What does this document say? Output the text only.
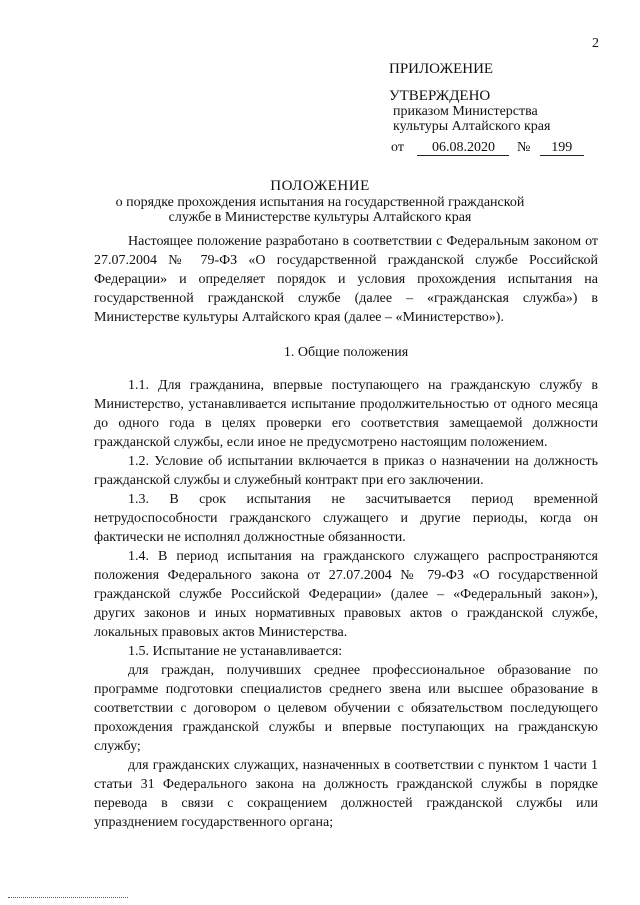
2
ПРИЛОЖЕНИЕ
УТВЕРЖДЕНО
приказом Министерства
культуры Алтайского края
от 06.08.2020 № 199
ПОЛОЖЕНИЕ
о порядке прохождения испытания на государственной гражданской службе в Министерстве культуры Алтайского края

Настоящее положение разработано в соответствии с Федеральным законом от 27.07.2004 № 79-ФЗ «О государственной гражданской службе Российской Федерации» и определяет порядок и условия прохождения испытания на государственной гражданской службе (далее – «гражданская служба») в Министерстве культуры Алтайского края (далее – «Министерство»).

1. Общие положения

1.1. Для гражданина, впервые поступающего на гражданскую службу в Министерство, устанавливается испытание продолжительностью от одного месяца до одного года в целях проверки его соответствия замещаемой должности гражданской службы, если иное не предусмотрено настоящим положением.

1.2. Условие об испытании включается в приказ о назначении на должность гражданской службы и служебный контракт при его заключении.

1.3. В срок испытания не засчитывается период временной нетрудоспособности гражданского служащего и другие периоды, когда он фактически не исполнял должностные обязанности.

1.4. В период испытания на гражданского служащего распространяются положения Федерального закона от 27.07.2004 № 79-ФЗ «О государственной гражданской службе Российской Федерации» (далее – «Федеральный закон»), других законов и иных нормативных правовых актов о гражданской службе, локальных правовых актов Министерства.

1.5. Испытание не устанавливается:

для граждан, получивших среднее профессиональное образование по программе подготовки специалистов среднего звена или высшее образование в соответствии с договором о целевом обучении с обязательством последующего прохождения гражданской службы и впервые поступающих на гражданскую службу;

для гражданских служащих, назначенных в соответствии с пунктом 1 части 1 статьи 31 Федерального закона на должность гражданской службы в порядке перевода в связи с сокращением должностей гражданской службы или упразднением государственного органа;
